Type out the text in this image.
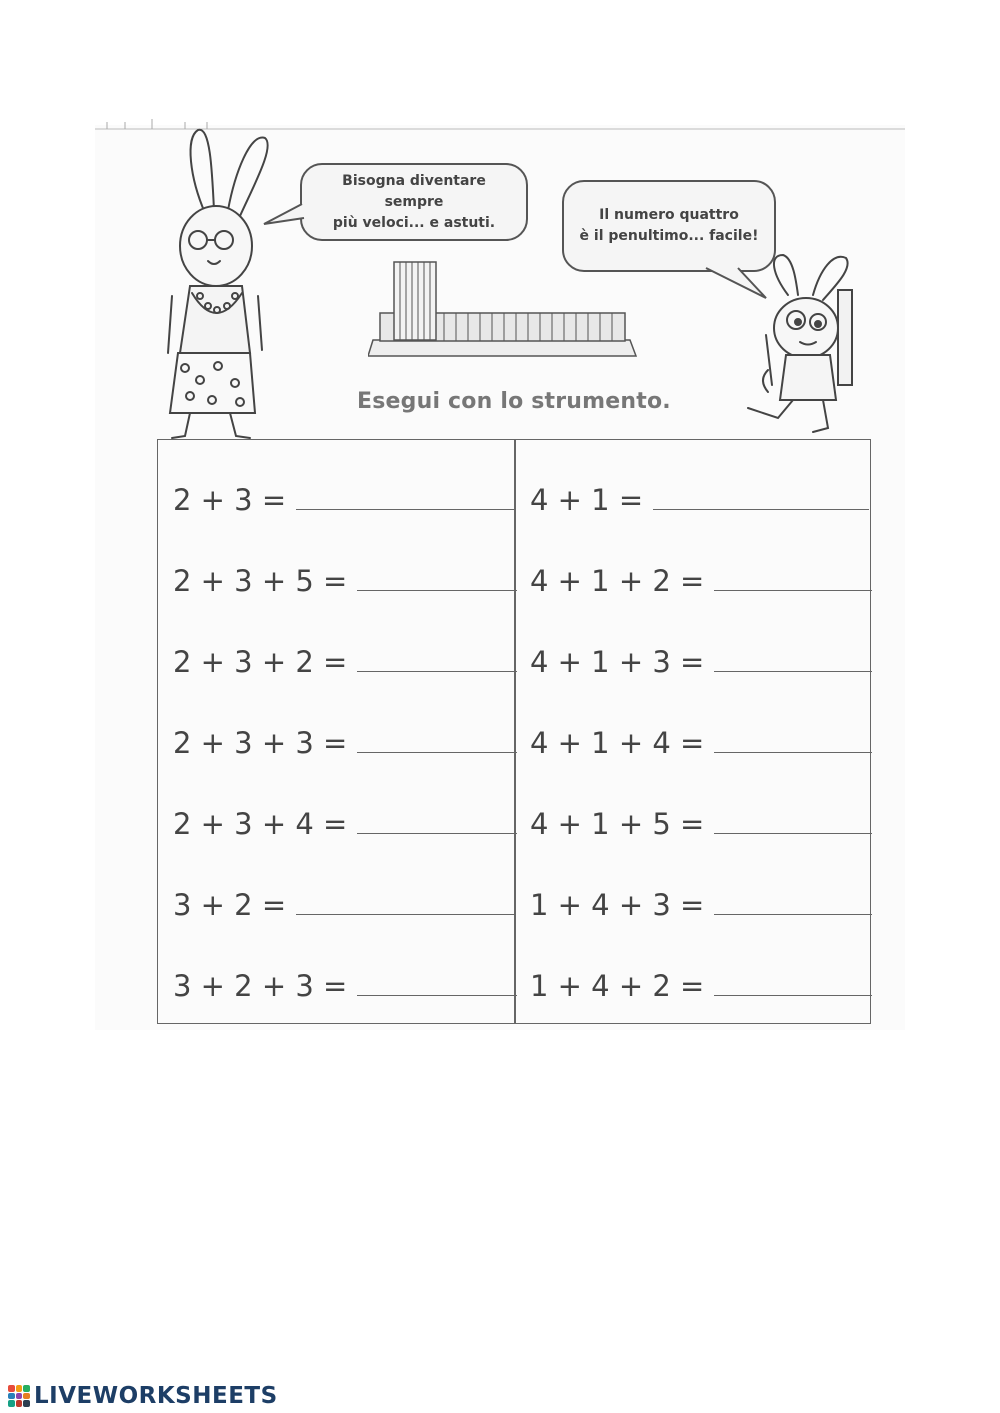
Bisogna diventare sempre
più veloci... e astuti.	Il numero quattro
è il penultimo... facile!
Esegui con lo strumento.
2 + 3 =
2 + 3 + 5 =
2 + 3 + 2 =
2 + 3 + 3 =
2 + 3 + 4 =
3 + 2 =
3 + 2 + 3 =
4 + 1 =
4 + 1 + 2 =
4 + 1 + 3 =
4 + 1 + 4 =
4 + 1 + 5 =
1 + 4 + 3 =
1 + 4 + 2 =
LIVEWORKSHEETS
